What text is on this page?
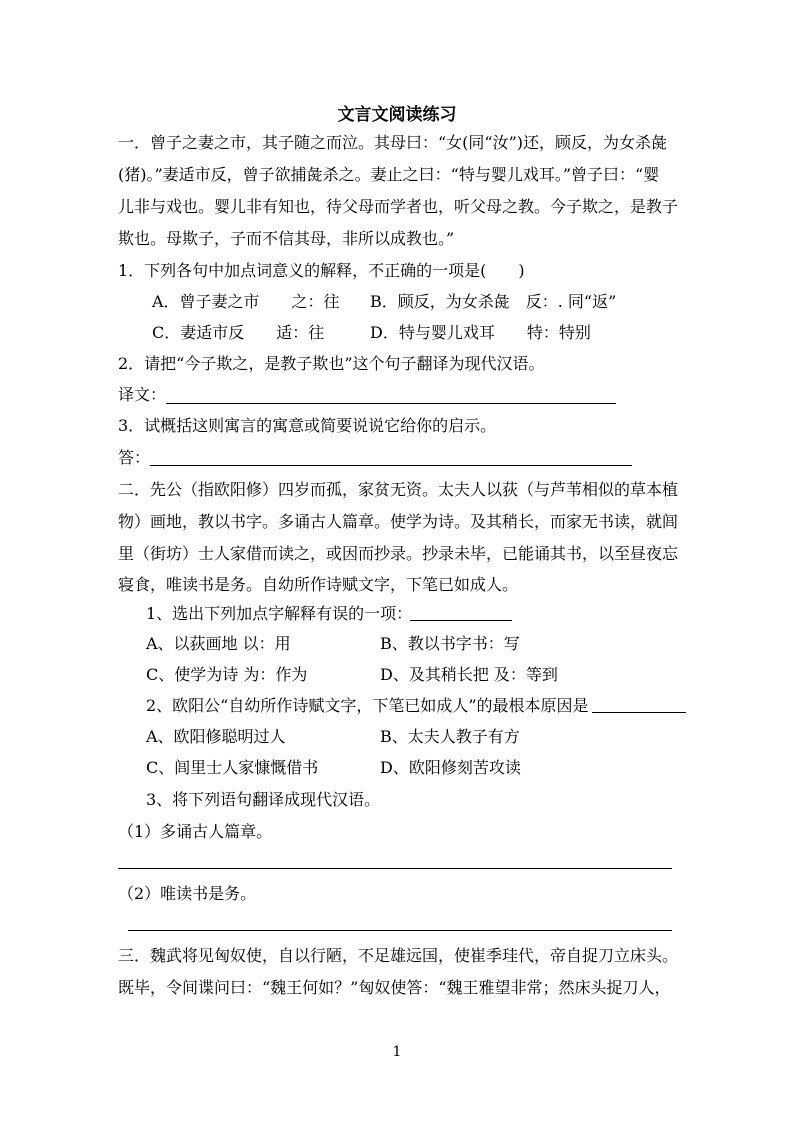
文言文阅读练习
一．曾子之妻之市，其子随之而泣。其母曰：“女(同“汝”)还，顾反，为女杀彘
(猪)。”妻适市反，曾子欲捕彘杀之。妻止之曰：“特与婴儿戏耳。”曾子曰：“婴
儿非与戏也。婴儿非有知也，待父母而学者也，听父母之教。今子欺之，是教子
欺也。母欺子，子而不信其母，非所以成教也。”
1．下列各句中加点词意义的解释，不正确的一项是(　　)
A．曾子妻之市　　之：往 B．顾反，为女杀彘　反：. 同“返”
C．妻适市反　　适：往	D．特与婴儿戏耳　　特：特别
2．请把“今子欺之，是教子欺也”这个句子翻译为现代汉语。
译文：
3．试概括这则寓言的寓意或简要说说它给你的启示。
答：
二．先公（指欧阳修）四岁而孤，家贫无资。太夫人以荻（与芦苇相似的草本植
物）画地，教以书字。多诵古人篇章。使学为诗。及其稍长，而家无书读，就闾
里（街坊）士人家借而读之，或因而抄录。抄录未毕，已能诵其书，以至昼夜忘
寝食，唯读书是务。自幼所作诗赋文字，下笔已如成人。
1、选出下列加点字解释有误的一项：
A、以荻画地 以：用	B、教以书字书：写
C、使学为诗 为：作为	D、及其稍长把 及：等到
2、欧阳公“自幼所作诗赋文字，下笔已如成人”的最根本原因是
A、欧阳修聪明过人	B、太夫人教子有方
C、闾里士人家慷慨借书	D、欧阳修刻苦攻读
3、将下列语句翻译成现代汉语。
（1）多诵古人篇章。
（2）唯读书是务。
三．魏武将见匈奴使，自以行陋，不足雄远国，使崔季珪代，帝自捉刀立床头。
既毕，令间谍问曰：“魏王何如？”匈奴使答：“魏王雅望非常；然床头捉刀人，
1
